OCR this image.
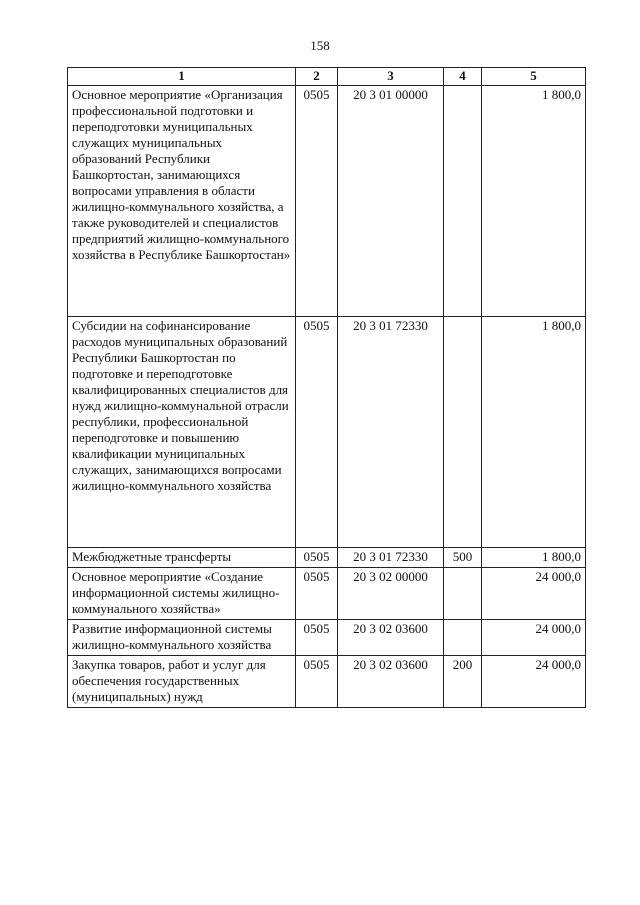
158
1	2	3	4	5
Основное мероприятие «Организация профессиональной подготовки и переподготовки муниципальных служащих муниципальных образований Республики Башкортостан, занимающихся вопросами управления в области жилищно-коммунального хозяйства, а также руководителей и специалистов предприятий жилищно-коммунального хозяйства в Республике Башкортостан»	0505	20 3 01 00000		1 800,0
Субсидии на софинансирование расходов муниципальных образований Республики Башкортостан по подготовке и переподготовке квалифицированных специалистов для нужд жилищно-коммунальной отрасли республики, профессиональной переподготовке и повышению квалификации муниципальных служащих, занимающихся вопросами жилищно-коммунального хозяйства	0505	20 3 01 72330		1 800,0
Межбюджетные трансферты	0505	20 3 01 72330	500	1 800,0
Основное мероприятие «Создание информационной системы жилищно-коммунального хозяйства»	0505	20 3 02 00000		24 000,0
Развитие информационной системы жилищно-коммунального хозяйства	0505	20 3 02 03600		24 000,0
Закупка товаров, работ и услуг для обеспечения государственных (муниципальных) нужд	0505	20 3 02 03600	200	24 000,0
